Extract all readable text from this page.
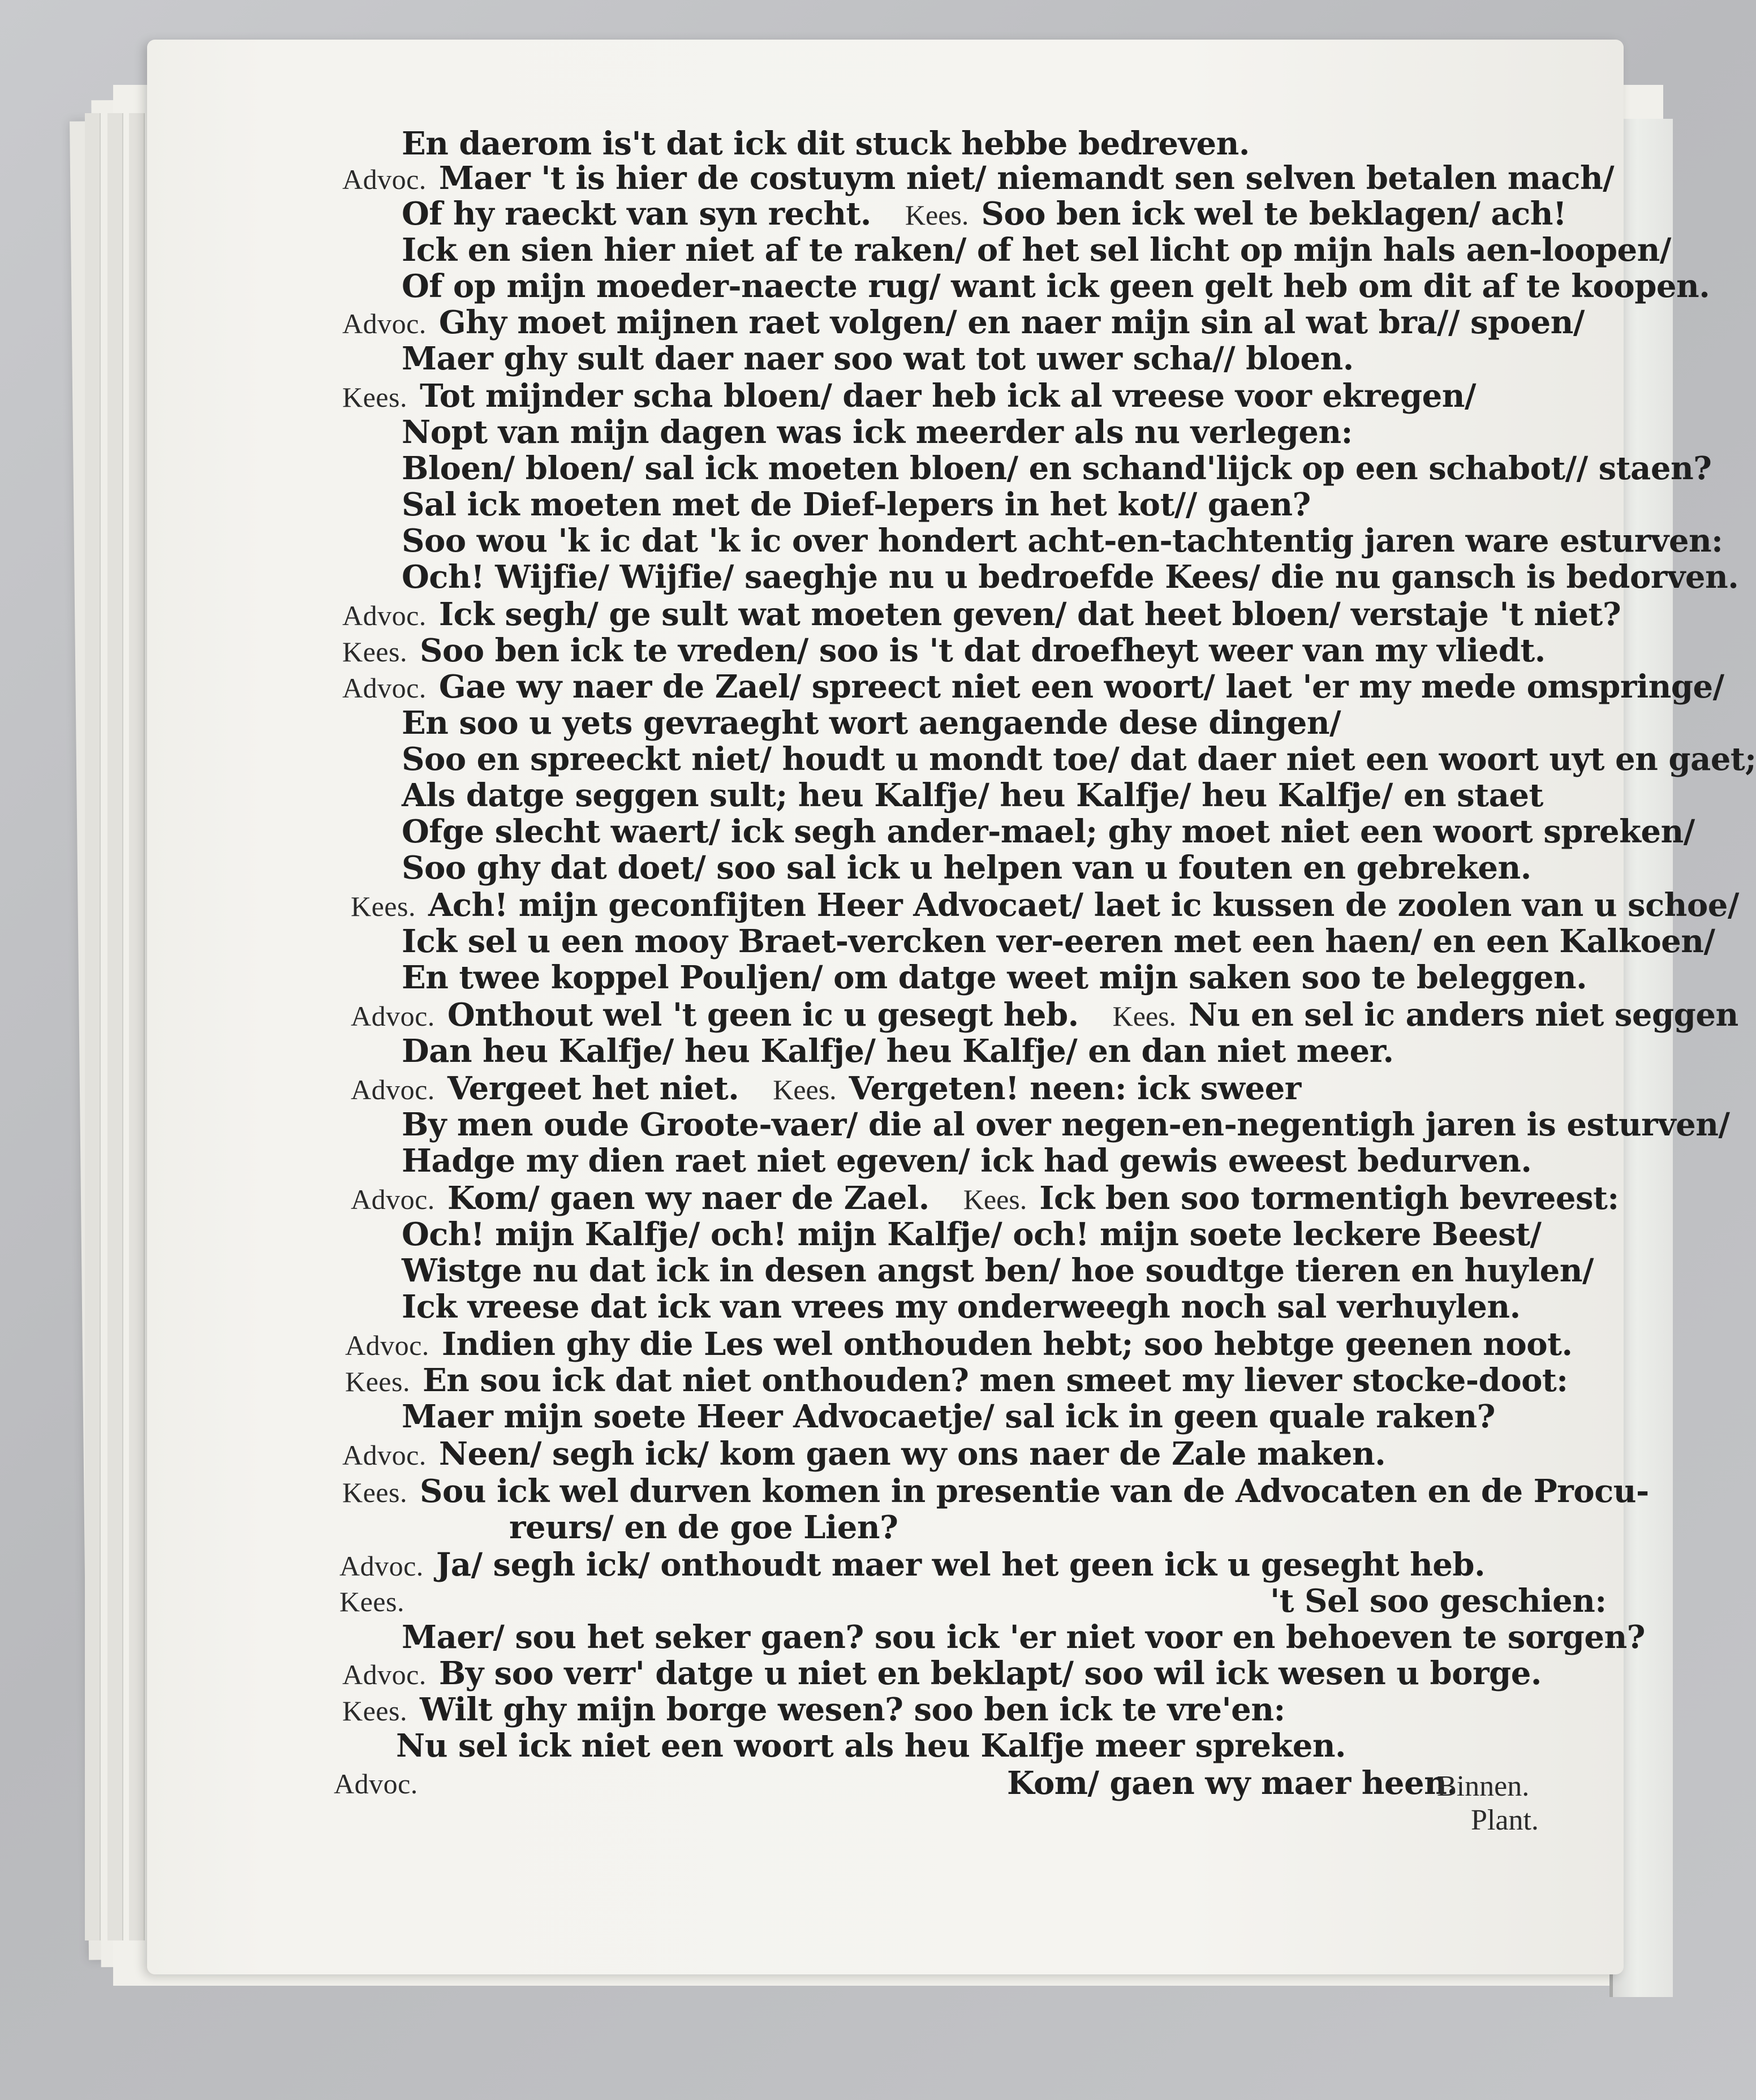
En daerom is't dat ick dit stuck hebbe bedreven.
Advoc. Maer 't is hier de costuym niet/ niemandt sen selven betalen mach/
Of hy raeckt van syn recht. Kees. Soo ben ick wel te beklagen/ ach!
Ick en sien hier niet af te raken/ of het sel licht op mijn hals aen-loopen/
Of op mijn moeder-naecte rug/ want ick geen gelt heb om dit af te koopen.
Advoc. Ghy moet mijnen raet volgen/ en naer mijn sin al wat bra// spoen/
Maer ghy sult daer naer soo wat tot uwer scha// bloen.
Kees. Tot mijnder scha bloen/ daer heb ick al vreese voor ekregen/
Nopt van mijn dagen was ick meerder als nu verlegen:
Bloen/ bloen/ sal ick moeten bloen/ en schand'lijck op een schabot// staen?
Sal ick moeten met de Dief-lepers in het kot// gaen?
Soo wou 'k ic dat 'k ic over hondert acht-en-tachtentig jaren ware esturven:
Och! Wijfie/ Wijfie/ saeghje nu u bedroefde Kees/ die nu gansch is bedorven.
Advoc. Ick segh/ ge sult wat moeten geven/ dat heet bloen/ verstaje 't niet?
Kees. Soo ben ick te vreden/ soo is 't dat droefheyt weer van my vliedt.
Advoc. Gae wy naer de Zael/ spreect niet een woort/ laet 'er my mede omspringe/
En soo u yets gevraeght wort aengaende dese dingen/
Soo en spreeckt niet/ houdt u mondt toe/ dat daer niet een woort uyt en gaet;
Als datge seggen sult; heu Kalfje/ heu Kalfje/ heu Kalfje/ en staet
Ofge slecht waert/ ick segh ander-mael; ghy moet niet een woort spreken/
Soo ghy dat doet/ soo sal ick u helpen van u fouten en gebreken.
Kees. Ach! mijn geconfijten Heer Advocaet/ laet ic kussen de zoolen van u schoe/
Ick sel u een mooy Braet-vercken ver-eeren met een haen/ en een Kalkoen/
En twee koppel Pouljen/ om datge weet mijn saken soo te beleggen.
Advoc. Onthout wel 't geen ic u gesegt heb. Kees. Nu en sel ic anders niet seggen
Dan heu Kalfje/ heu Kalfje/ heu Kalfje/ en dan niet meer.
Advoc. Vergeet het niet. Kees. Vergeten! neen: ick sweer
By men oude Groote-vaer/ die al over negen-en-negentigh jaren is esturven/
Hadge my dien raet niet egeven/ ick had gewis eweest bedurven.
Advoc. Kom/ gaen wy naer de Zael. Kees. Ick ben soo tormentigh bevreest:
Och! mijn Kalfje/ och! mijn Kalfje/ och! mijn soete leckere Beest/
Wistge nu dat ick in desen angst ben/ hoe soudtge tieren en huylen/
Ick vreese dat ick van vrees my onderweegh noch sal verhuylen.
Advoc. Indien ghy die Les wel onthouden hebt; soo hebtge geenen noot.
Kees. En sou ick dat niet onthouden? men smeet my liever stocke-doot:
Maer mijn soete Heer Advocaetje/ sal ick in geen quale raken?
Advoc. Neen/ segh ick/ kom gaen wy ons naer de Zale maken.
Kees. Sou ick wel durven komen in presentie van de Advocaten en de Procu-
reurs/ en de goe Lien?
Advoc. Ja/ segh ick/ onthoudt maer wel het geen ick u geseght heb.
Kees.	't Sel soo geschien:
Maer/ sou het seker gaen? sou ick 'er niet voor en behoeven te sorgen?
Advoc. By soo verr' datge u niet en beklapt/ soo wil ick wesen u borge.
Kees. Wilt ghy mijn borge wesen? soo ben ick te vre'en:
Nu sel ick niet een woort als heu Kalfje meer spreken.
Advoc.	Kom/ gaen wy maer heen.
Binnen.
Plant.
